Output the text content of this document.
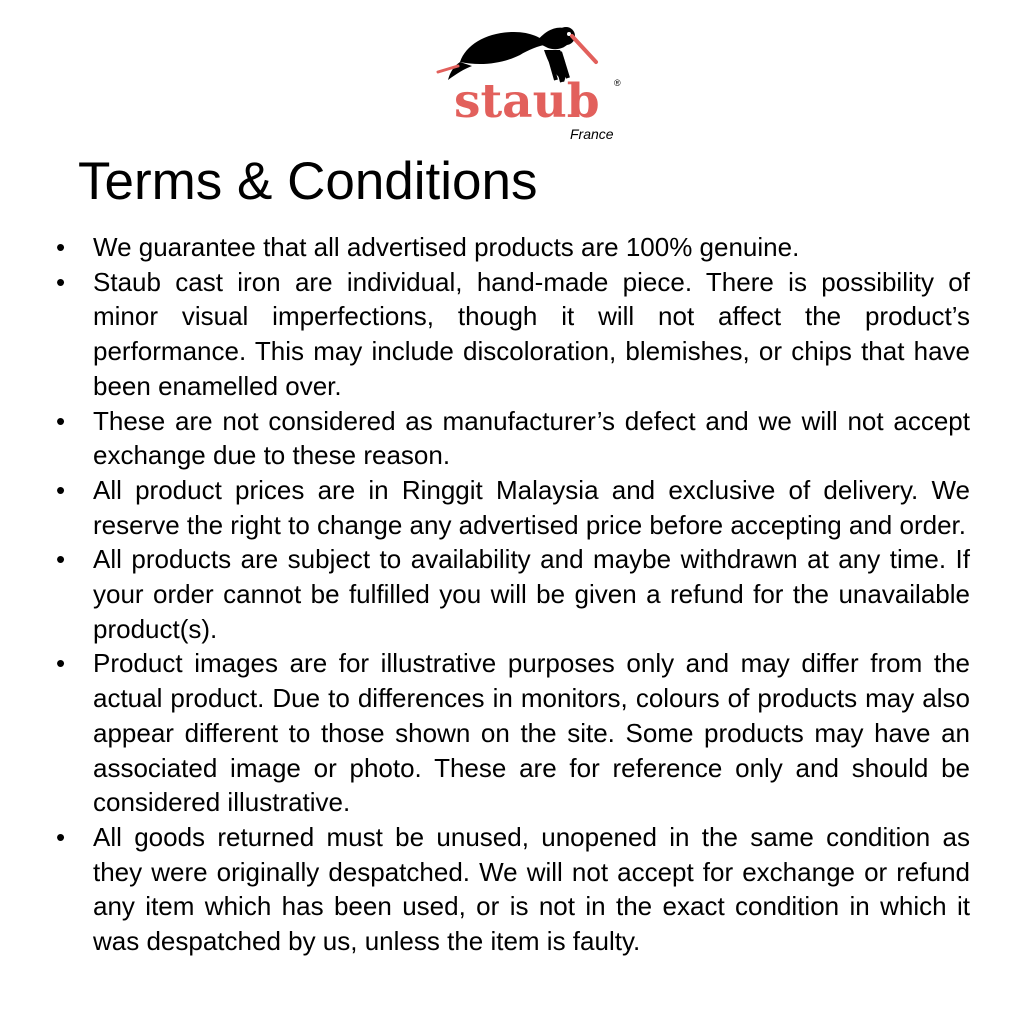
staub ®
France
Terms & Conditions
•	We guarantee that all advertised products are 100% genuine.
•	Staub cast iron are individual, hand-made piece. There is possibility of minor visual imperfections, though it will not affect the product’s performance. This may include discoloration, blemishes, or chips that have been enamelled over.
•	These are not considered as manufacturer’s defect and we will not accept exchange due to these reason.
•	All product prices are in Ringgit Malaysia and exclusive of delivery. We reserve the right to change any advertised price before accepting and order.
•	All products are subject to availability and maybe withdrawn at any time. If your order cannot be fulfilled you will be given a refund for the unavailable product(s).
•	Product images are for illustrative purposes only and may differ from the actual product. Due to differences in monitors, colours of products may also appear different to those shown on the site. Some products may have an associated image or photo. These are for reference only and should be considered illustrative.
•	All goods returned must be unused, unopened in the same condition as they were originally despatched. We will not accept for exchange or refund any item which has been used, or is not in the exact condition in which it was despatched by us, unless the item is faulty.
